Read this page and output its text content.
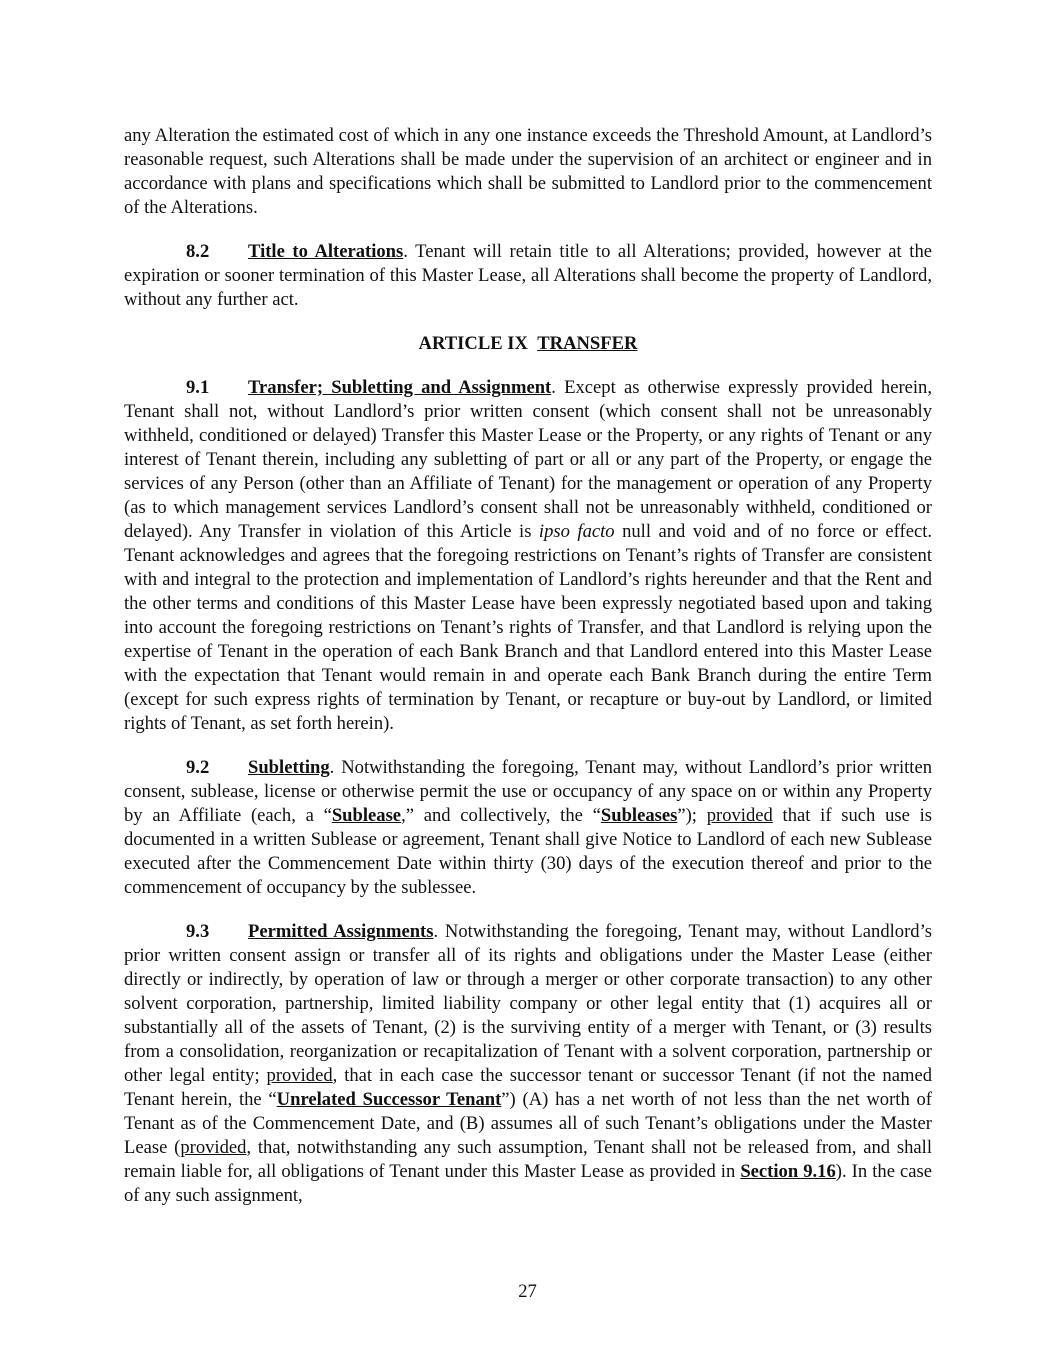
any Alteration the estimated cost of which in any one instance exceeds the Threshold Amount, at Landlord’s reasonable request, such Alterations shall be made under the supervision of an architect or engineer and in accordance with plans and specifications which shall be submitted to Landlord prior to the commencement of the Alterations.

8.2 Title to Alterations. Tenant will retain title to all Alterations; provided, however at the expiration or sooner termination of this Master Lease, all Alterations shall become the property of Landlord, without any further act.

ARTICLE IX TRANSFER

9.1 Transfer; Subletting and Assignment. Except as otherwise expressly provided herein, Tenant shall not, without Landlord’s prior written consent (which consent shall not be unreasonably withheld, conditioned or delayed) Transfer this Master Lease or the Property, or any rights of Tenant or any interest of Tenant therein, including any subletting of part or all or any part of the Property, or engage the services of any Person (other than an Affiliate of Tenant) for the management or operation of any Property (as to which management services Landlord’s consent shall not be unreasonably withheld, conditioned or delayed). Any Transfer in violation of this Article is ipso facto null and void and of no force or effect. Tenant acknowledges and agrees that the foregoing restrictions on Tenant’s rights of Transfer are consistent with and integral to the protection and implementation of Landlord’s rights hereunder and that the Rent and the other terms and conditions of this Master Lease have been expressly negotiated based upon and taking into account the foregoing restrictions on Tenant’s rights of Transfer, and that Landlord is relying upon the expertise of Tenant in the operation of each Bank Branch and that Landlord entered into this Master Lease with the expectation that Tenant would remain in and operate each Bank Branch during the entire Term (except for such express rights of termination by Tenant, or recapture or buy-out by Landlord, or limited rights of Tenant, as set forth herein).

9.2 Subletting. Notwithstanding the foregoing, Tenant may, without Landlord’s prior written consent, sublease, license or otherwise permit the use or occupancy of any space on or within any Property by an Affiliate (each, a “Sublease,” and collectively, the “Subleases”); provided that if such use is documented in a written Sublease or agreement, Tenant shall give Notice to Landlord of each new Sublease executed after the Commencement Date within thirty (30) days of the execution thereof and prior to the commencement of occupancy by the sublessee.

9.3 Permitted Assignments. Notwithstanding the foregoing, Tenant may, without Landlord’s prior written consent assign or transfer all of its rights and obligations under the Master Lease (either directly or indirectly, by operation of law or through a merger or other corporate transaction) to any other solvent corporation, partnership, limited liability company or other legal entity that (1) acquires all or substantially all of the assets of Tenant, (2) is the surviving entity of a merger with Tenant, or (3) results from a consolidation, reorganization or recapitalization of Tenant with a solvent corporation, partnership or other legal entity; provided, that in each case the successor tenant or successor Tenant (if not the named Tenant herein, the “Unrelated Successor Tenant”) (A) has a net worth of not less than the net worth of Tenant as of the Commencement Date, and (B) assumes all of such Tenant’s obligations under the Master Lease (provided, that, notwithstanding any such assumption, Tenant shall not be released from, and shall remain liable for, all obligations of Tenant under this Master Lease as provided in Section 9.16). In the case of any such assignment,

27
